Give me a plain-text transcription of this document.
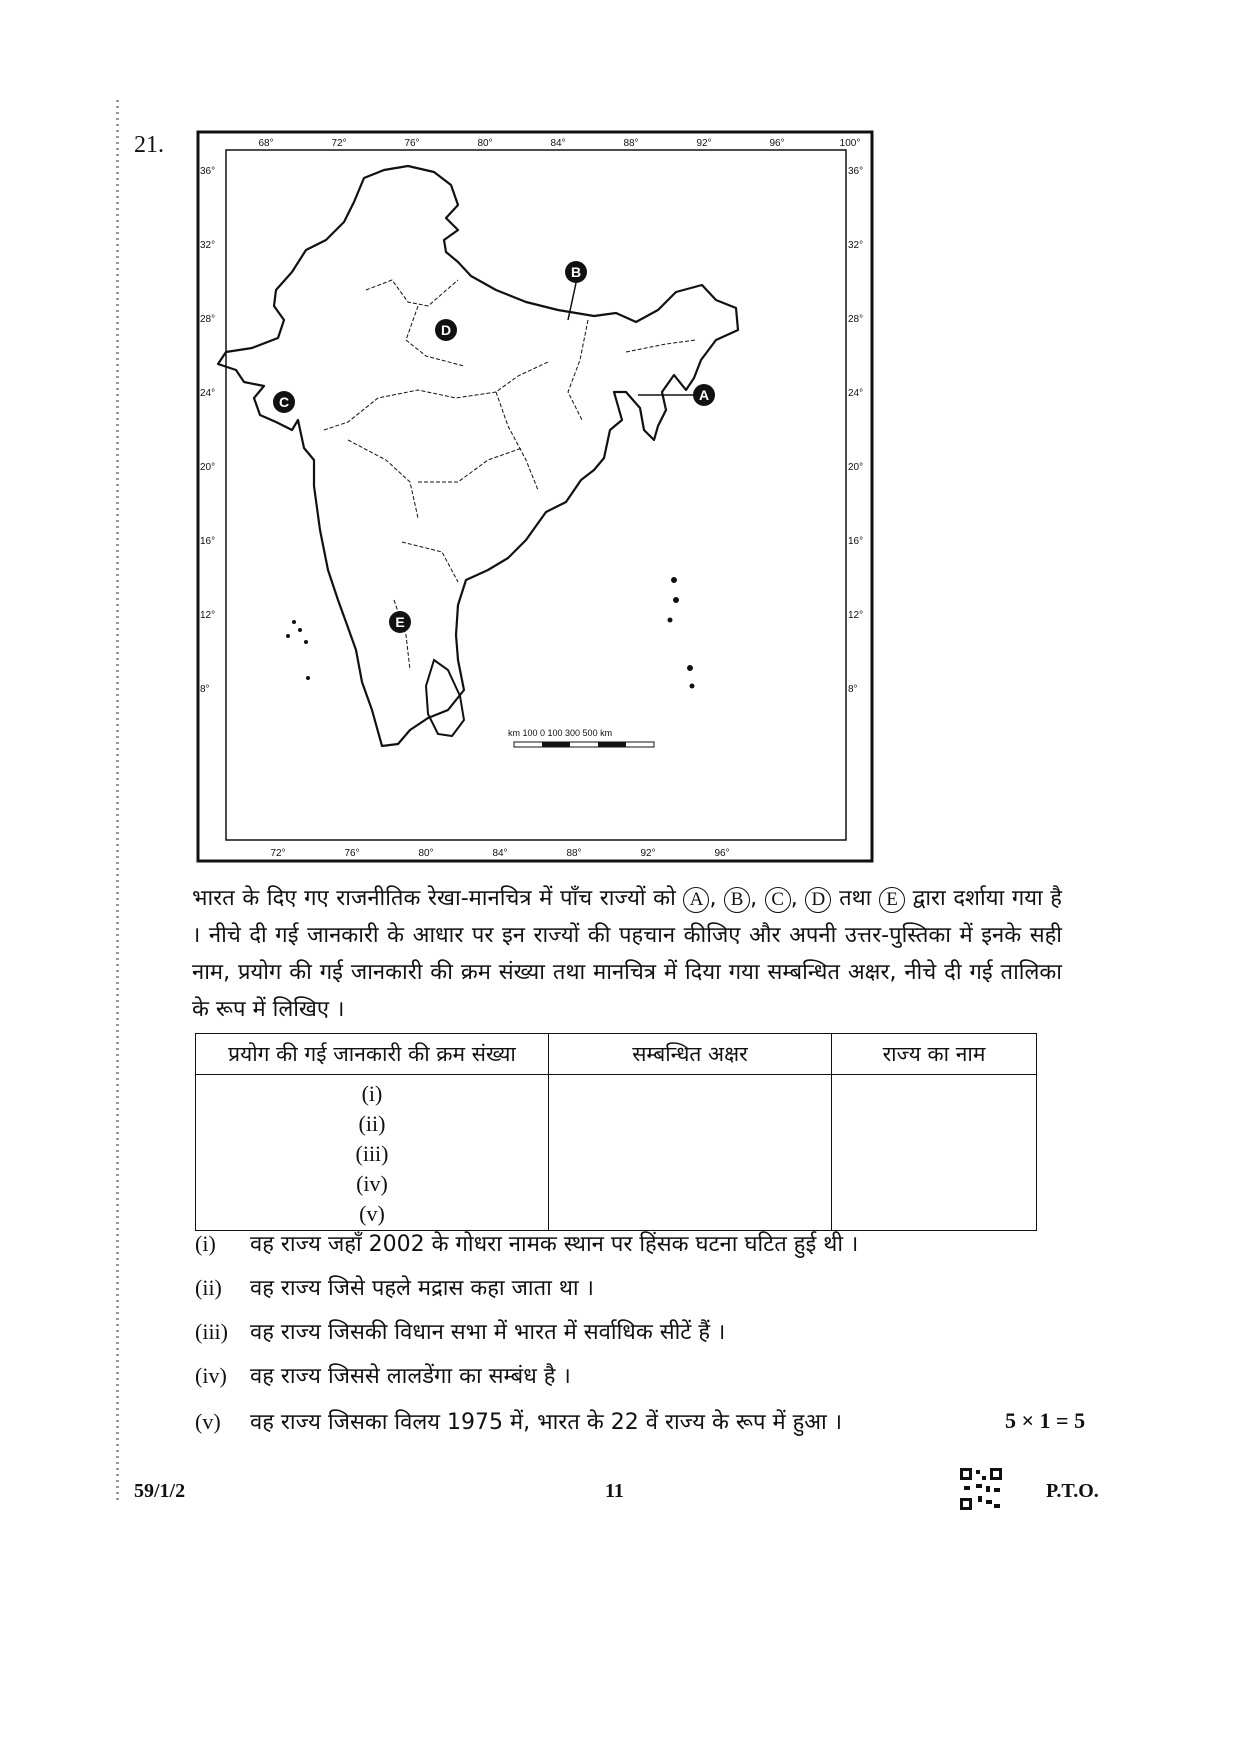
21.	68°	72°	76°	80°	84°	88°	92°	96°	100°
72°	76°	80°	84°	88°	92°	96°
36°
32°
28°
24°
20°
16°
12°
8°
36°
32°
28°
24°
20°
16°
12°
8°
A
B
C
D
E
km 100 0 100 300 500 km
भारत के दिए गए राजनीतिक रेखा-मानचित्र में पाँच राज्यों को A , B , C , D तथा E द्वारा दर्शाया गया है । नीचे दी गई जानकारी के आधार पर इन राज्यों की पहचान कीजिए और अपनी उत्तर-पुस्तिका में इनके सही नाम, प्रयोग की गई जानकारी की क्रम संख्या तथा मानचित्र में दिया गया सम्बन्धित अक्षर, नीचे दी गई तालिका के रूप में लिखिए ।
प्रयोग की गई जानकारी की क्रम संख्या	सम्बन्धित अक्षर	राज्य का नाम

(i)
(ii)
(iii)
(iv)
(v)		

(i) वह राज्य जहाँ 2002 के गोधरा नामक स्थान पर हिंसक घटना घटित हुई थी ।
(ii) वह राज्य जिसे पहले मद्रास कहा जाता था ।
(iii) वह राज्य जिसकी विधान सभा में भारत में सर्वाधिक सीटें हैं ।
(iv) वह राज्य जिससे लालडेंगा का सम्बंध है ।
(v) वह राज्य जिसका विलय 1975 में, भारत के 22 वें राज्य के रूप में हुआ ।	5 × 1 = 5
59/1/2	11	P.T.O.
